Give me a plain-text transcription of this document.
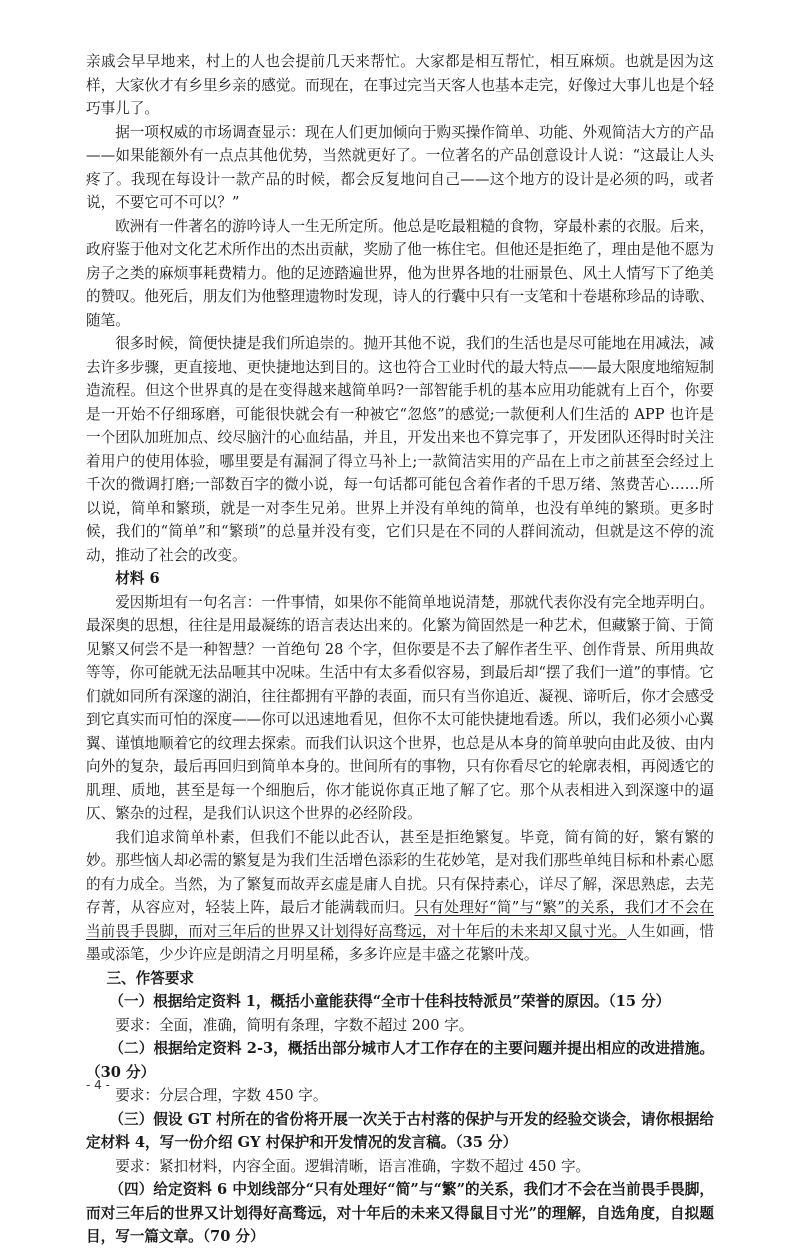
亲戚会早早地来，村上的人也会提前几天来帮忙。大家都是相互帮忙，相互麻烦。也就是因为这样，大家伙才有乡里乡亲的感觉。而现在，在事过完当天客人也基本走完，好像过大事儿也是个轻巧事儿了。

据一项权威的市场调查显示：现在人们更加倾向于购买操作简单、功能、外观简洁大方的产品——如果能额外有一点点其他优势，当然就更好了。一位著名的产品创意设计人说：“这最让人头疼了。我现在每设计一款产品的时候，都会反复地问自己——这个地方的设计是必须的吗，或者说，不要它可不可以？”

欧洲有一件著名的游吟诗人一生无所定所。他总是吃最粗糙的食物，穿最朴素的衣服。后来，政府鉴于他对文化艺术所作出的杰出贡献，奖励了他一栋住宅。但他还是拒绝了，理由是他不愿为房子之类的麻烦事耗费精力。他的足迹踏遍世界，他为世界各地的壮丽景色、风土人情写下了绝美的赞叹。他死后，朋友们为他整理遗物时发现，诗人的行囊中只有一支笔和十卷堪称珍品的诗歌、随笔。

很多时候，简便快捷是我们所追崇的。抛开其他不说，我们的生活也是尽可能地在用减法，减去许多步骤，更直接地、更快捷地达到目的。这也符合工业时代的最大特点——最大限度地缩短制造流程。但这个世界真的是在变得越来越简单吗?一部智能手机的基本应用功能就有上百个，你要是一开始不仔细琢磨，可能很快就会有一种被它“忽悠”的感觉;一款便利人们生活的 APP 也许是一个团队加班加点、绞尽脑汁的心血结晶，并且，开发出来也不算完事了，开发团队还得时时关注着用户的使用体验，哪里要是有漏洞了得立马补上;一款简洁实用的产品在上市之前甚至会经过上千次的微调打磨;一部数百字的微小说，每一句话都可能包含着作者的千思万绪、煞费苦心……所以说，简单和繁琐，就是一对李生兄弟。世界上并没有单纯的简单，也没有单纯的繁琐。更多时候，我们的“简单”和“繁琐”的总量并没有变，它们只是在不同的人群间流动，但就是这不停的流动，推动了社会的改变。

材料 6

爱因斯坦有一句名言：一件事情，如果你不能简单地说清楚，那就代表你没有完全地弄明白。最深奥的思想，往往是用最凝练的语言表达出来的。化繁为简固然是一种艺术，但藏繁于简、于简见繁又何尝不是一种智慧？一首绝句 28 个字，但你要是不去了解作者生平、创作背景、所用典故等等，你可能就无法品咂其中况味。生活中有太多看似容易，到最后却“摆了我们一道”的事情。它们就如同所有深邃的湖泊，往往都拥有平静的表面，而只有当你追近、凝视、谛听后，你才会感受到它真实而可怕的深度——你可以迅速地看见，但你不太可能快捷地看透。所以，我们必须小心翼翼、谨慎地顺着它的纹理去探索。而我们认识这个世界，也总是从本身的简单驶向由此及彼、由内向外的复杂，最后再回归到简单本身的。世间所有的事物，只有你看尽它的轮廓表相，再阅透它的肌理、质地，甚至是每一个细胞后，你才能说你真正地了解了它。那个从表相进入到深邃中的逼仄、繁杂的过程，是我们认识这个世界的必经阶段。

我们追求简单朴素，但我们不能以此否认，甚至是拒绝繁复。毕竟，简有简的好，繁有繁的妙。那些恼人却必需的繁复是为我们生活增色添彩的生花妙笔，是对我们那些单纯目标和朴素心愿的有力成全。当然，为了繁复而故弄玄虚是庸人自扰。只有保持素心，详尽了解，深思熟虑，去芜存菁，从容应对，轻装上阵，最后才能满载而归。只有处理好“简”与“繁”的关系，我们才不会在当前畏手畏脚，而对三年后的世界又计划得好高骛远，对十年后的未来却又鼠寸光。人生如画，惜墨或添笔，少少许应是朗清之月明星稀，多多许应是丰盛之花繁叶茂。

三、作答要求

（一）根据给定资料 1，概括小童能获得“全市十佳科技特派员”荣誉的原因。（15 分）

要求：全面，准确，简明有条理，字数不超过 200 字。

（二）根据给定资料 2-3，概括出部分城市人才工作存在的主要问题并提出相应的改进措施。（30 分）

要求：分层合理，字数 450 字。

（三）假设 GT 村所在的省份将开展一次关于古村落的保护与开发的经验交谈会，请你根据给定材料 4，写一份介绍 GY 村保护和开发情况的发言稿。（35 分）

要求：紧扣材料，内容全面。逻辑清晰，语言准确，字数不超过 450 字。

（四）给定资料 6 中划线部分“只有处理好“简”与“繁”的关系，我们才不会在当前畏手畏脚，而对三年后的世界又计划得好高骛远，对十年后的未来又得鼠目寸光”的理解，自选角度，自拟题目，写一篇文章。（70 分）

- 4 -
